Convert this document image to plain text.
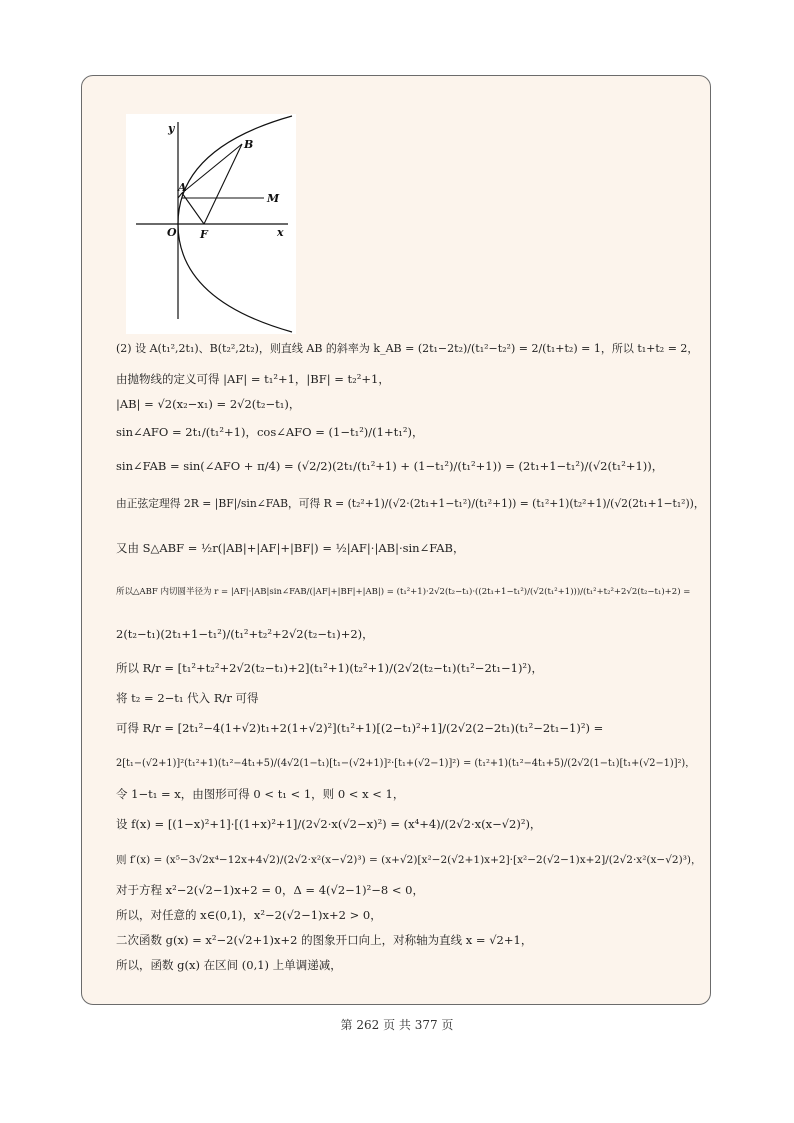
y
x
O
A
B
F
M
(2) 设 A(t₁²,2t₁)、B(t₂²,2t₂)，则直线 AB 的斜率为 k_AB = (2t₁−2t₂)/(t₁²−t₂²) = 2/(t₁+t₂) = 1，所以 t₁+t₂ = 2，
由抛物线的定义可得 |AF| = t₁²+1，|BF| = t₂²+1，
|AB| = √2(x₂−x₁) = 2√2(t₂−t₁)，
sin∠AFO = 2t₁/(t₁²+1)，cos∠AFO = (1−t₁²)/(1+t₁²)，
sin∠FAB = sin(∠AFO + π/4) = (√2/2)(2t₁/(t₁²+1) + (1−t₁²)/(t₁²+1)) = (2t₁+1−t₁²)/(√2(t₁²+1))，
由正弦定理得 2R = |BF|/sin∠FAB，可得 R = (t₂²+1)/(√2·(2t₁+1−t₁²)/(t₁²+1)) = (t₁²+1)(t₂²+1)/(√2(2t₁+1−t₁²))，
又由 S△ABF = ½r(|AB|+|AF|+|BF|) = ½|AF|·|AB|·sin∠FAB，
所以△ABF 内切圆半径为 r = |AF|·|AB|sin∠FAB/(|AF|+|BF|+|AB|) = (t₁²+1)·2√2(t₂−t₁)·((2t₁+1−t₁²)/(√2(t₁²+1)))/(t₁²+t₂²+2√2(t₂−t₁)+2) =
2(t₂−t₁)(2t₁+1−t₁²)/(t₁²+t₂²+2√2(t₂−t₁)+2)，
所以 R/r = [t₁²+t₂²+2√2(t₂−t₁)+2](t₁²+1)(t₂²+1)/(2√2(t₂−t₁)(t₁²−2t₁−1)²)，
将 t₂ = 2−t₁ 代入 R/r 可得
可得 R/r = [2t₁²−4(1+√2)t₁+2(1+√2)²](t₁²+1)[(2−t₁)²+1]/(2√2(2−2t₁)(t₁²−2t₁−1)²) =
2[t₁−(√2+1)]²(t₁²+1)(t₁²−4t₁+5)/(4√2(1−t₁)[t₁−(√2+1)]²·[t₁+(√2−1)]²) = (t₁²+1)(t₁²−4t₁+5)/(2√2(1−t₁)[t₁+(√2−1)]²)，
令 1−t₁ = x，由图形可得 0 < t₁ < 1，则 0 < x < 1，
设 f(x) = [(1−x)²+1]·[(1+x)²+1]/(2√2·x(√2−x)²) = (x⁴+4)/(2√2·x(x−√2)²)，
则 f′(x) = (x⁵−3√2x⁴−12x+4√2)/(2√2·x²(x−√2)³) = (x+√2)[x²−2(√2+1)x+2]·[x²−2(√2−1)x+2]/(2√2·x²(x−√2)³)，
对于方程 x²−2(√2−1)x+2 = 0，Δ = 4(√2−1)²−8 < 0，
所以，对任意的 x∈(0,1)，x²−2(√2−1)x+2 > 0，
二次函数 g(x) = x²−2(√2+1)x+2 的图象开口向上，对称轴为直线 x = √2+1，
所以，函数 g(x) 在区间 (0,1) 上单调递减，
第 262 页 共 377 页
